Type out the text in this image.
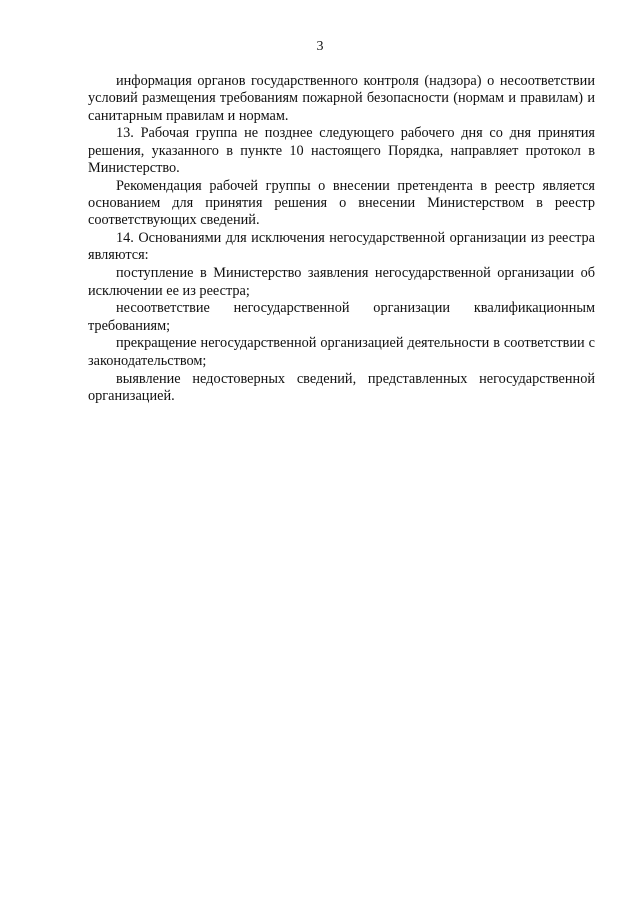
3

информация органов государственного контроля (надзора) о несоответствии условий размещения требованиям пожарной безопасности (нормам и правилам) и санитарным правилам и нормам.

13. Рабочая группа не позднее следующего рабочего дня со дня принятия решения, указанного в пункте 10 настоящего Порядка, направляет протокол в Министерство.

Рекомендация рабочей группы о внесении претендента в реестр является основанием для принятия решения о внесении Министерством в реестр соответствующих сведений.

14. Основаниями для исключения негосударственной организации из реестра являются:

поступление в Министерство заявления негосударственной организации об исключении ее из реестра;

несоответствие негосударственной организации квалификационным требованиям;

прекращение негосударственной организацией деятельности в соответствии с законодательством;

выявление недостоверных сведений, представленных негосударственной организацией.
